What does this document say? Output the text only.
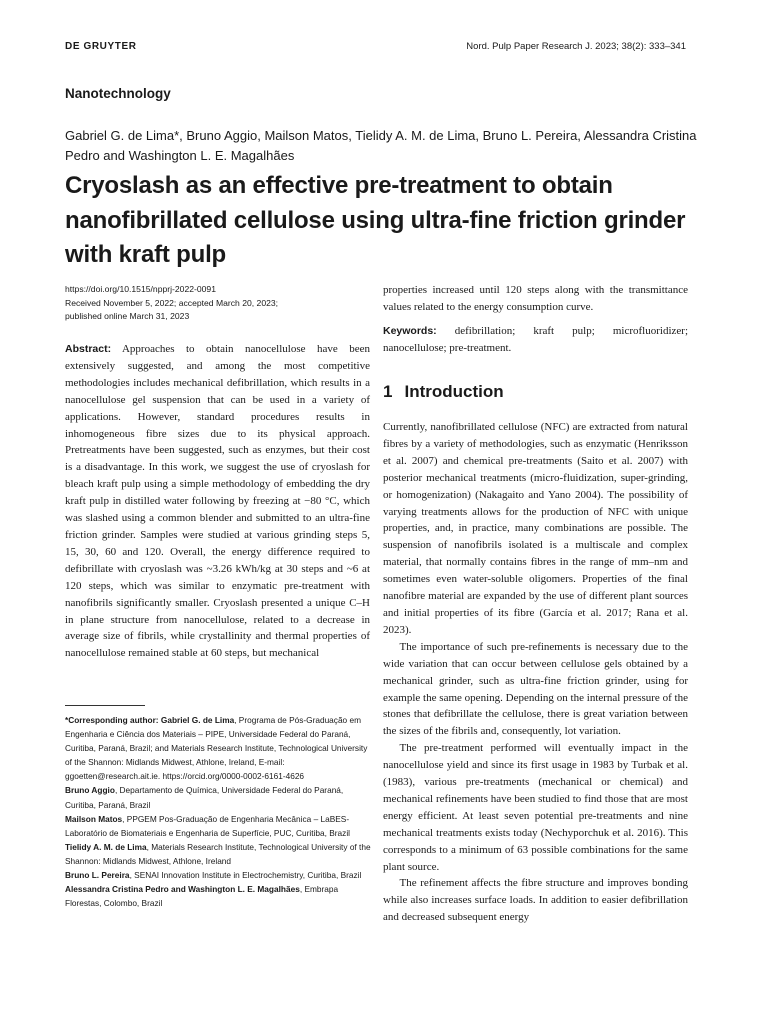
DE GRUYTER	Nord. Pulp Paper Research J. 2023; 38(2): 333–341
Nanotechnology
Gabriel G. de Lima*, Bruno Aggio, Mailson Matos, Tielidy A. M. de Lima, Bruno L. Pereira, Alessandra Cristina Pedro and Washington L. E. Magalhães
Cryoslash as an effective pre-treatment to obtain nanofibrillated cellulose using ultra-fine friction grinder with kraft pulp
https://doi.org/10.1515/npprj-2022-0091
Received November 5, 2022; accepted March 20, 2023;
published online March 31, 2023

Abstract: Approaches to obtain nanocellulose have been extensively suggested, and among the most competitive methodologies includes mechanical defibrillation, which results in a nanocellulose gel suspension that can be used in a variety of applications. However, standard procedures results in inhomogeneous fibre sizes due to its physical approach. Pretreatments have been suggested, such as enzymes, but their cost is a disadvantage. In this work, we suggest the use of cryoslash for bleach kraft pulp using a simple methodology of embedding the dry kraft pulp in distilled water following by freezing at −80 °C, which was slashed using a common blender and submitted to an ultra-fine friction grinder. Samples were studied at various grinding steps 5, 15, 30, 60 and 120. Overall, the energy difference required to defibrillate with cryoslash was ~3.26 kWh/kg at 30 steps and ~6 at 120 steps, which was similar to enzymatic pre-treatment with nanofibrils significantly smaller. Cryoslash presented a unique C–H in plane structure from nanocellulose, related to a decrease in average size of fibrils, while crystallinity and thermal properties of nanocellulose remained stable at 60 steps, but mechanical

*Corresponding author: Gabriel G. de Lima, Programa de Pós-Graduação em Engenharia e Ciência dos Materiais – PIPE, Universidade Federal do Paraná, Curitiba, Paraná, Brazil; and Materials Research Institute, Technological University of the Shannon: Midlands Midwest, Athlone, Ireland, E-mail: ggoetten@research.ait.ie. https://orcid.org/0000-0002-6161-4626

Bruno Aggio, Departamento de Química, Universidade Federal do Paraná, Curitiba, Paraná, Brazil

Mailson Matos, PPGEM Pos-Graduação de Engenharia Mecânica – LaBES-Laboratório de Biomateriais e Engenharia de Superfície, PUC, Curitiba, Brazil

Tielidy A. M. de Lima, Materials Research Institute, Technological University of the Shannon: Midlands Midwest, Athlone, Ireland

Bruno L. Pereira, SENAI Innovation Institute in Electrochemistry, Curitiba, Brazil

Alessandra Cristina Pedro and Washington L. E. Magalhães, Embrapa Florestas, Colombo, Brazil

properties increased until 120 steps along with the transmittance values related to the energy consumption curve.

Keywords: defibrillation; kraft pulp; microfluoridizer; nanocellulose; pre-treatment.

1 Introduction

Currently, nanofibrillated cellulose (NFC) are extracted from natural fibres by a variety of methodologies, such as enzymatic (Henriksson et al. 2007) and chemical pre-treatments (Saito et al. 2007) with posterior mechanical treatments (micro-fluidization, super-grinding, or homogenization) (Nakagaito and Yano 2004). The possibility of varying treatments allows for the production of NFC with unique properties, and, in practice, many combinations are possible. The suspension of nanofibrils isolated is a multiscale and complex material, that normally contains fibres in the range of mm–nm and sometimes even water-soluble oligomers. Properties of the final nanofibre material are expanded by the use of different plant sources and initial properties of its fibre (García et al. 2017; Rana et al. 2023).

The importance of such pre-refinements is necessary due to the wide variation that can occur between cellulose gels obtained by a mechanical grinder, such as ultra-fine friction grinder, using for example the same opening. Depending on the internal pressure of the stones that defibrillate the cellulose, there is great variation between the sizes of the fibrils and, consequently, lot variation.

The pre-treatment performed will eventually impact in the nanocellulose yield and since its first usage in 1983 by Turbak et al. (1983), various pre-treatments (mechanical or chemical) and mechanical refinements have been studied to find those that are most energy efficient. At least seven potential pre-treatments and nine mechanical treatments exists today (Nechyporchuk et al. 2016). This corresponds to a minimum of 63 possible combinations for the same plant source.

The refinement affects the fibre structure and improves bonding while also increases surface loads. In addition to easier defibrillation and decreased subsequent energy
